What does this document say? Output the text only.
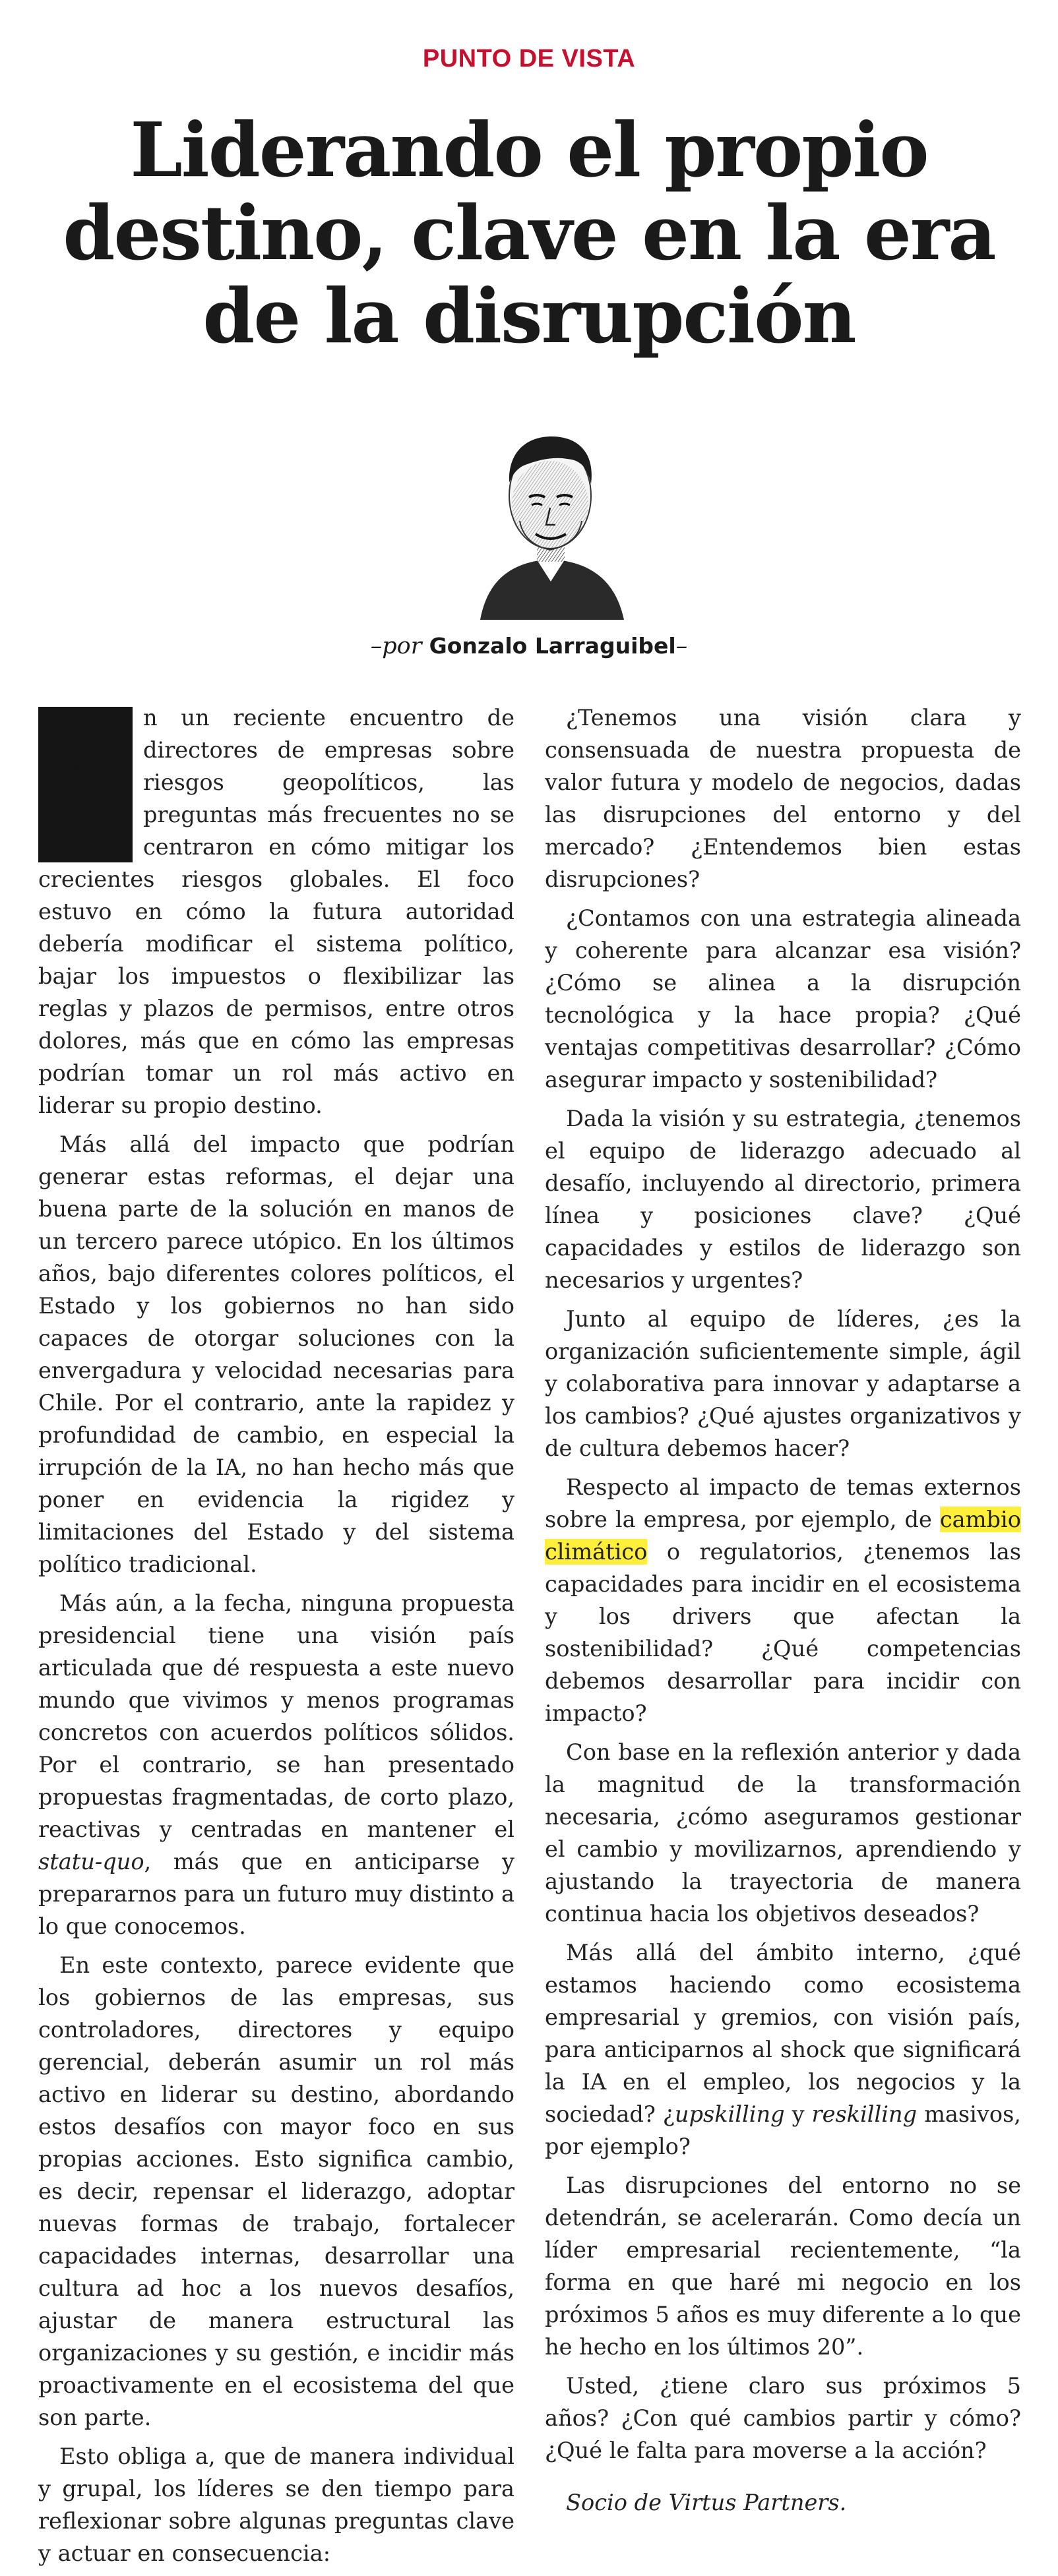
PUNTO DE VISTA
Liderando el propio destino, clave en la era de la disrupción
–por Gonzalo Larraguibel–

E n un reciente encuentro de directores de empresas sobre riesgos geopolíticos, las preguntas más frecuentes no se centraron en cómo mitigar los crecientes riesgos globales. El foco estuvo en cómo la futura autoridad debería modificar el sistema político, bajar los impuestos o flexibilizar las reglas y plazos de permisos, entre otros dolores, más que en cómo las empresas podrían tomar un rol más activo en liderar su propio destino.

Más allá del impacto que podrían generar estas reformas, el dejar una buena parte de la solución en manos de un tercero parece utópico. En los últimos años, bajo diferentes colores políticos, el Estado y los gobiernos no han sido capaces de otorgar soluciones con la envergadura y velocidad necesarias para Chile. Por el contrario, ante la rapidez y profundidad de cambio, en especial la irrupción de la IA, no han hecho más que poner en evidencia la rigidez y limitaciones del Estado y del sistema político tradicional.

Más aún, a la fecha, ninguna propuesta presidencial tiene una visión país articulada que dé respuesta a este nuevo mundo que vivimos y menos programas concretos con acuerdos políticos sólidos. Por el contrario, se han presentado propuestas fragmentadas, de corto plazo, reactivas y centradas en mantener el statu-quo, más que en anticiparse y prepararnos para un futuro muy distinto a lo que conocemos.

En este contexto, parece evidente que los gobiernos de las empresas, sus controladores, directores y equipo gerencial, deberán asumir un rol más activo en liderar su destino, abordando estos desafíos con mayor foco en sus propias acciones. Esto significa cambio, es decir, repensar el liderazgo, adoptar nuevas formas de trabajo, fortalecer capacidades internas, desarrollar una cultura ad hoc a los nuevos desafíos, ajustar de manera estructural las organizaciones y su gestión, e incidir más proactivamente en el ecosistema del que son parte.

Esto obliga a, que de manera individual y grupal, los líderes se den tiempo para reflexionar sobre algunas preguntas clave y actuar en consecuencia:

¿Tenemos una visión clara y consensuada de nuestra propuesta de valor futura y modelo de negocios, dadas las disrupciones del entorno y del mercado? ¿Entendemos bien estas disrupciones?

¿Contamos con una estrategia alineada y coherente para alcanzar esa visión? ¿Cómo se alinea a la disrupción tecnológica y la hace propia? ¿Qué ventajas competitivas desarrollar? ¿Cómo asegurar impacto y sostenibilidad?

Dada la visión y su estrategia, ¿tenemos el equipo de liderazgo adecuado al desafío, incluyendo al directorio, primera línea y posiciones clave? ¿Qué capacidades y estilos de liderazgo son necesarios y urgentes?

Junto al equipo de líderes, ¿es la organización suficientemente simple, ágil y colaborativa para innovar y adaptarse a los cambios? ¿Qué ajustes organizativos y de cultura debemos hacer?

Respecto al impacto de temas externos sobre la empresa, por ejemplo, de cambio climático o regulatorios, ¿tenemos las capacidades para incidir en el ecosistema y los drivers que afectan la sostenibilidad? ¿Qué competencias debemos desarrollar para incidir con impacto?

Con base en la reflexión anterior y dada la magnitud de la transformación necesaria, ¿cómo aseguramos gestionar el cambio y movilizarnos, aprendiendo y ajustando la trayectoria de manera continua hacia los objetivos deseados?

Más allá del ámbito interno, ¿qué estamos haciendo como ecosistema empresarial y gremios, con visión país, para anticiparnos al shock que significará la IA en el empleo, los negocios y la sociedad? ¿upskilling y reskilling masivos, por ejemplo?

Las disrupciones del entorno no se detendrán, se acelerarán. Como decía un líder empresarial recientemente, “la forma en que haré mi negocio en los próximos 5 años es muy diferente a lo que he hecho en los últimos 20”.

Usted, ¿tiene claro sus próximos 5 años? ¿Con qué cambios partir y cómo? ¿Qué le falta para moverse a la acción?

Socio de Virtus Partners.
